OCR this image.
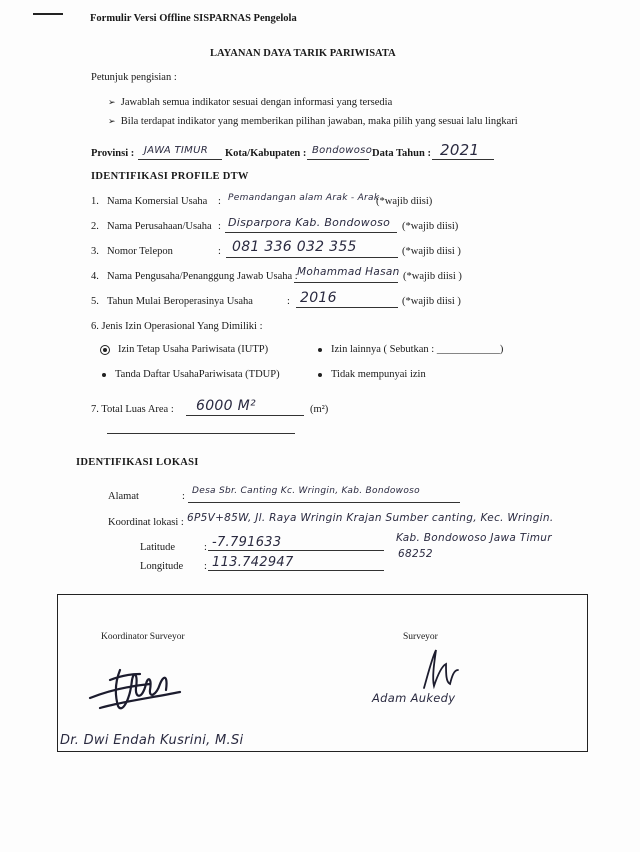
Formulir Versi Offline SISPARNAS Pengelola
LAYANAN DAYA TARIK PARIWISATA
Petunjuk pengisian :
➢ Jawablah semua indikator sesuai dengan informasi yang tersedia
➢ Bila terdapat indikator yang memberikan pilihan jawaban, maka pilih yang sesuai lalu lingkari
Provinsi : JAWA TIMUR Kota/Kabupaten : Bondowoso Data Tahun : 2021
IDENTIFIKASI PROFILE DTW
1. Nama Komersial Usaha : Pemandangan alam Arak - Arak
(*wajib diisi)
2. Nama Perusahaan/Usaha : Disparpora Kab. Bondowoso (*wajib diisi)
3. Nomor Telepon	: 081 336 032 355	(*wajib diisi )
4. Nama Pengusaha/Penanggung Jawab Usaha : Mohammad Hasan (*wajib diisi )
5. Tahun Mulai Beroperasinya Usaha	: 2016	(*wajib diisi )
6. Jenis Izin Operasional Yang Dimiliki :
Izin Tetap Usaha Pariwisata (IUTP)	Izin lainnya ( Sebutkan : ____________)
Tanda Daftar UsahaPariwisata (TDUP)	Tidak mempunyai izin
7. Total Luas Area : 6000 M²	(m²)
IDENTIFIKASI LOKASI
Alamat	: Desa Sbr. Canting Kc. Wringin, Kab. Bondowoso
Koordinat lokasi : 6P5V+85W, Jl. Raya Wringin Krajan Sumber canting, Kec. Wringin.
Kab. Bondowoso Jawa Timur
68252
Latitude	: -7.791633
Longitude : 113.742947
Koordinator Surveyor	Surveyor
Dr. Dwi Endah Kusrini, M.Si
Adam Aukedy
